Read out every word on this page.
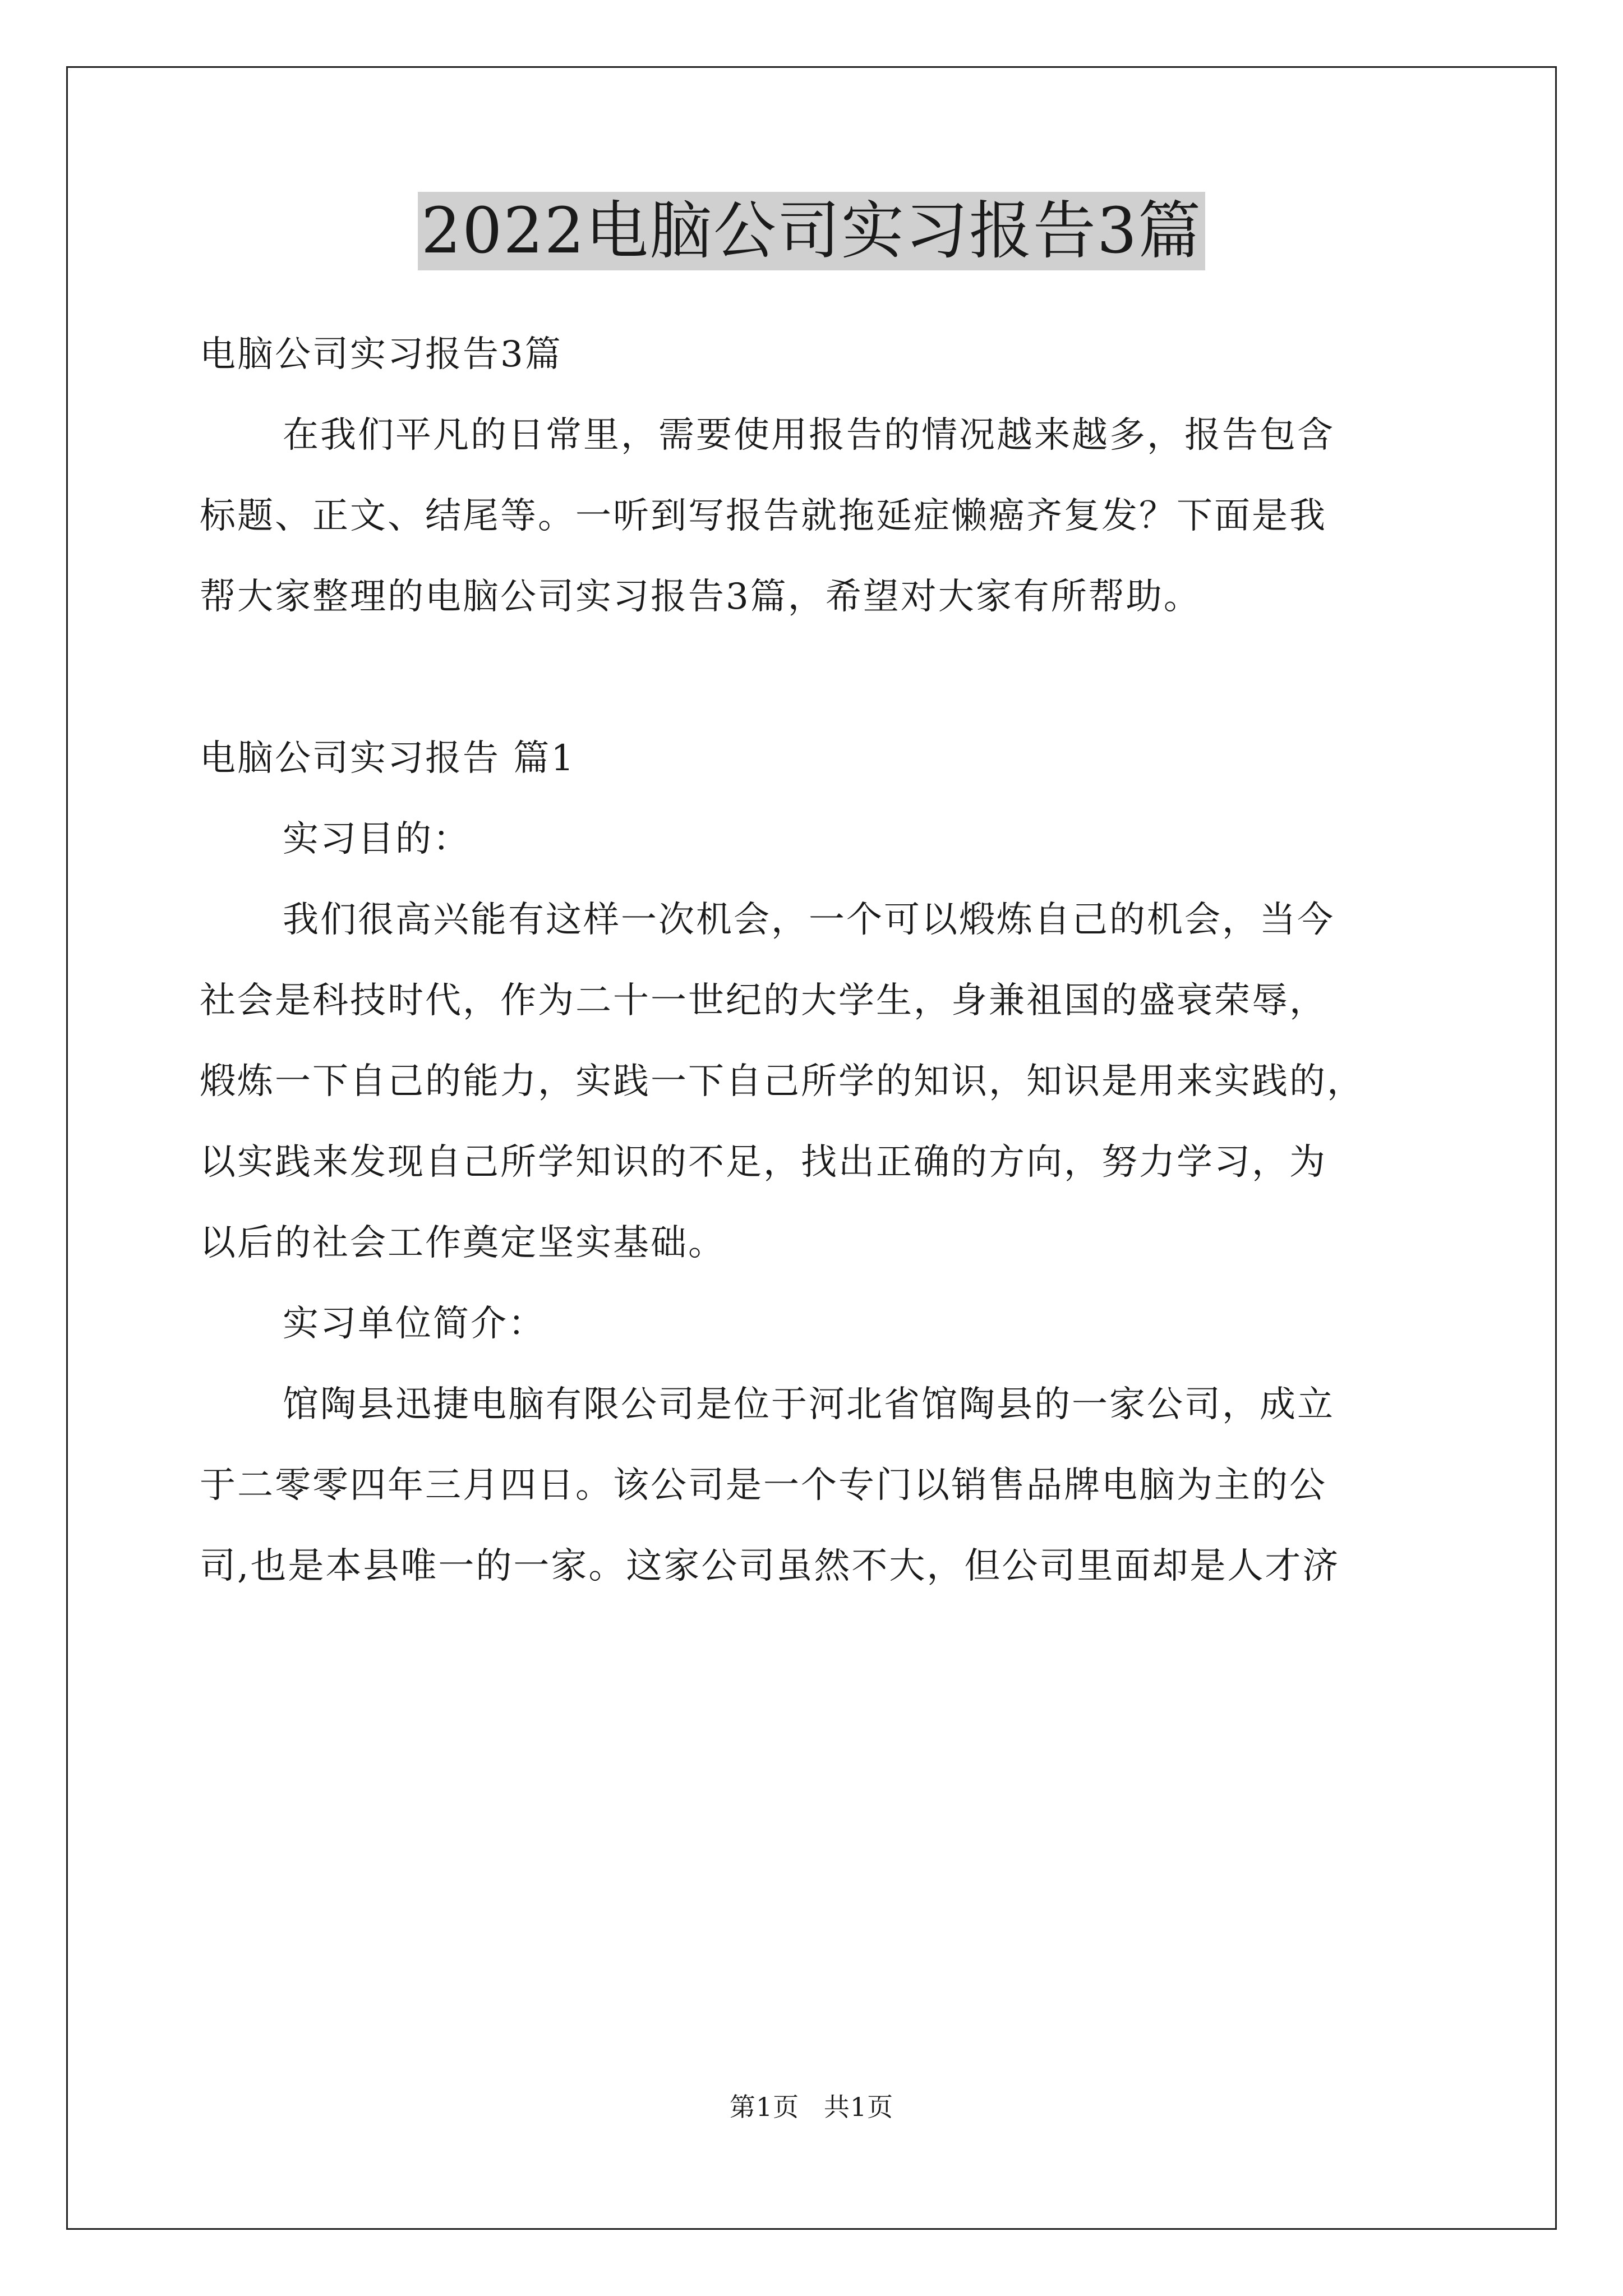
2022电脑公司实习报告3篇
电脑公司实习报告3篇
在我们平凡的日常里，需要使用报告的情况越来越多，报告包含
标题、正文、结尾等。一听到写报告就拖延症懒癌齐复发？下面是我
帮大家整理的电脑公司实习报告3篇，希望对大家有所帮助。
电脑公司实习报告 篇1
实习目的：
我们很高兴能有这样一次机会，一个可以煅炼自己的机会，当今
社会是科技时代，作为二十一世纪的大学生，身兼祖国的盛衰荣辱，
煅炼一下自己的能力，实践一下自己所学的知识，知识是用来实践的，
以实践来发现自己所学知识的不足，找出正确的方向，努力学习，为
以后的社会工作奠定坚实基础。
实习单位简介：
馆陶县迅捷电脑有限公司是位于河北省馆陶县的一家公司，成立
于二零零四年三月四日。该公司是一个专门以销售品牌电脑为主的公
司,也是本县唯一的一家。这家公司虽然不大，但公司里面却是人才济
第1页 共1页
